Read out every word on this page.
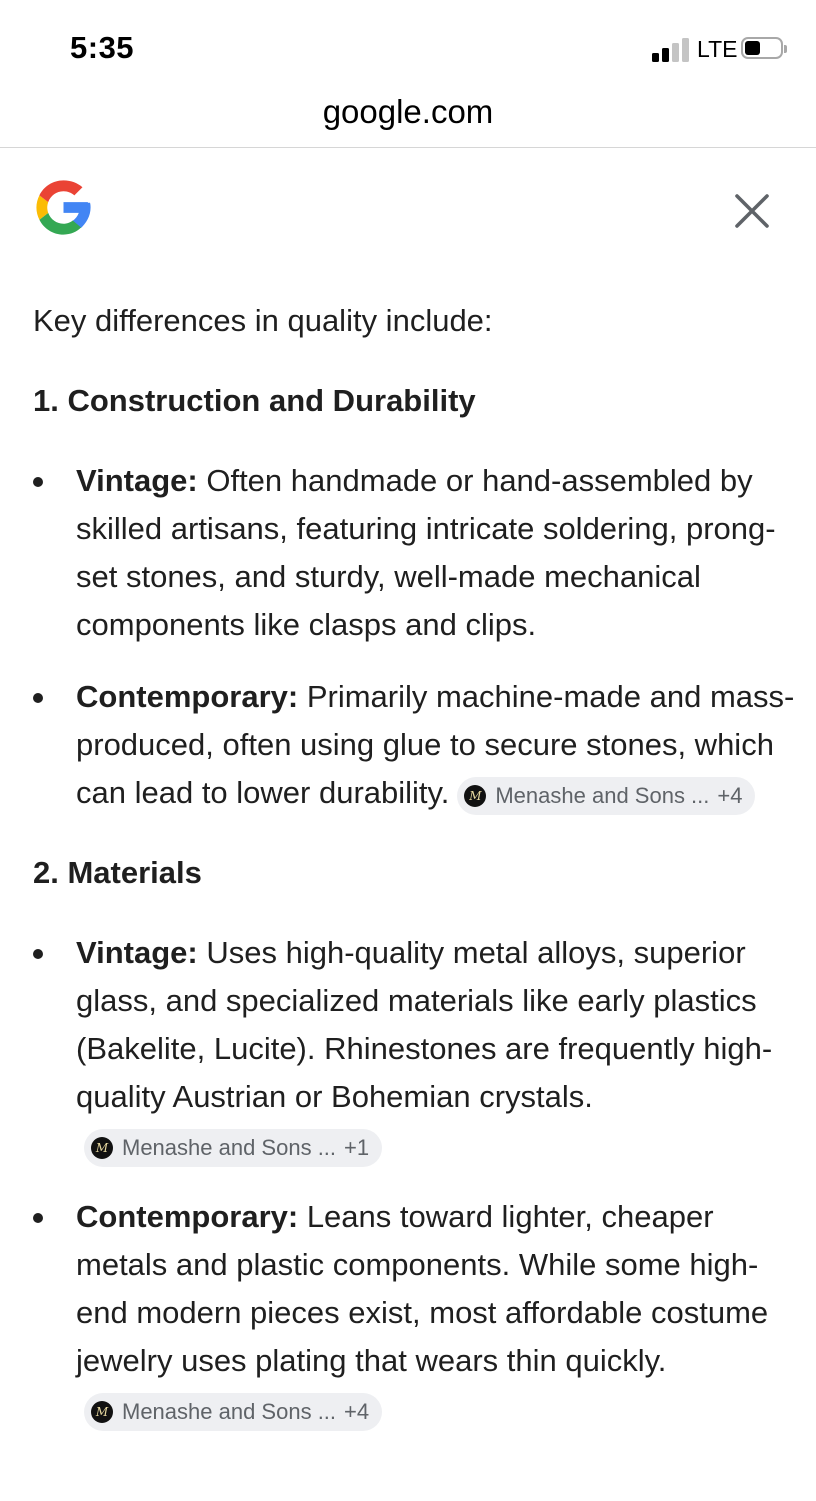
5:35	LTE
google.com

Key differences in quality include:

1. Construction and Durability

Vintage: Often handmade or hand-assembled by skilled artisans, featuring intricate soldering, prong-set stones, and sturdy, well-made mechanical components like clasps and clips.
Contemporary: Primarily machine-made and mass-produced, often using glue to secure stones, which can lead to lower durability.	M Menashe and Sons ... +4

2. Materials

Vintage: Uses high-quality metal alloys, superior glass, and specialized materials like early plastics (Bakelite, Lucite). Rhinestones are frequently high-quality Austrian or Bohemian crystals.
M Menashe and Sons ... +1
Contemporary: Leans toward lighter, cheaper metals and plastic components. While some high-end modern pieces exist, most affordable costume jewelry uses plating that wears thin quickly.
M Menashe and Sons ... +4
